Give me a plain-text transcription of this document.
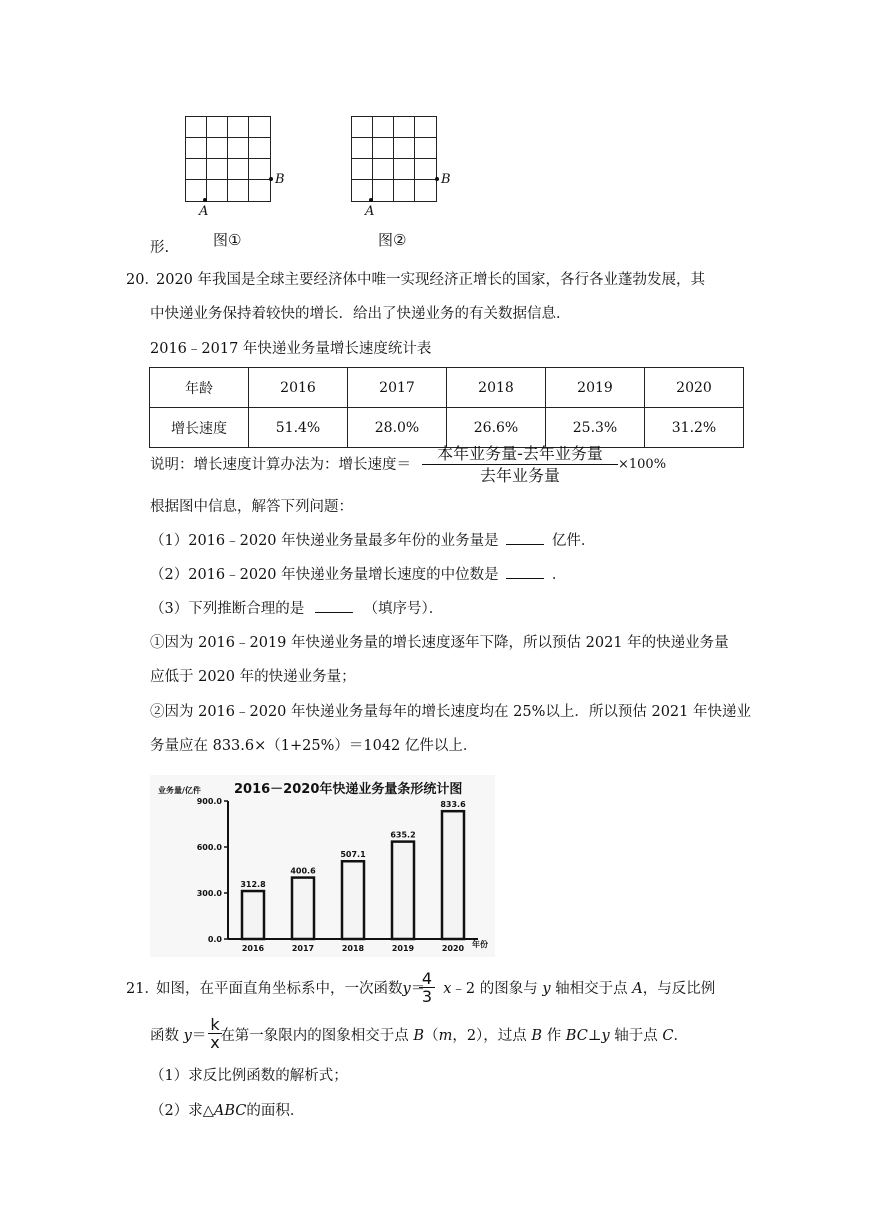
A
B
图①
A
B
图②
形.
20．
2020 年我国是全球主要经济体中唯一实现经济正增长的国家，各行各业蓬勃发展，其
中快递业务保持着较快的增长．给出了快递业务的有关数据信息．
2016﹣2017 年快递业务量增长速度统计表
年龄	2016	2017	2018	2019	2020
增长速度	51.4%	28.0%	26.6%	25.3%	31.2%
说明：增长速度计算办法为：增长速度＝
本年业务量-去年业务量
去年业务量
×100%
根据图中信息，解答下列问题：
（1）2016﹣2020 年快递业务量最多年份的业务量是	亿件．
（2）2016﹣2020 年快递业务量增长速度的中位数是	．
（3）下列推断合理的是	（填序号）．
①因为 2016﹣2019 年快递业务量的增长速度逐年下降，所以预估 2021 年的快递业务量
应低于 2020 年的快递业务量；
②因为 2016﹣2020 年快递业务量每年的增长速度均在 25%以上．所以预估 2021 年快递业
务量应在 833.6×（1+25%）＝1042 亿件以上．
业务量/亿件	2016－2020年快递业务量条形统计图
年份
0.0
300.0
600.0
900.0
312.8
2016
400.6
2017
507.1
2018
635.2
2019
833.6
2020
21．
如图，在平面直角坐标系中，一次函数y＝ x﹣2 的图象与 y 轴相交于点 A，与反比例
4
3
函数 y＝ 在第一象限内的图象相交于点 B（m，2），过点 B 作 BC⊥y 轴于点 C．
k
x
（1）求反比例函数的解析式；
（2）求△ABC的面积．
